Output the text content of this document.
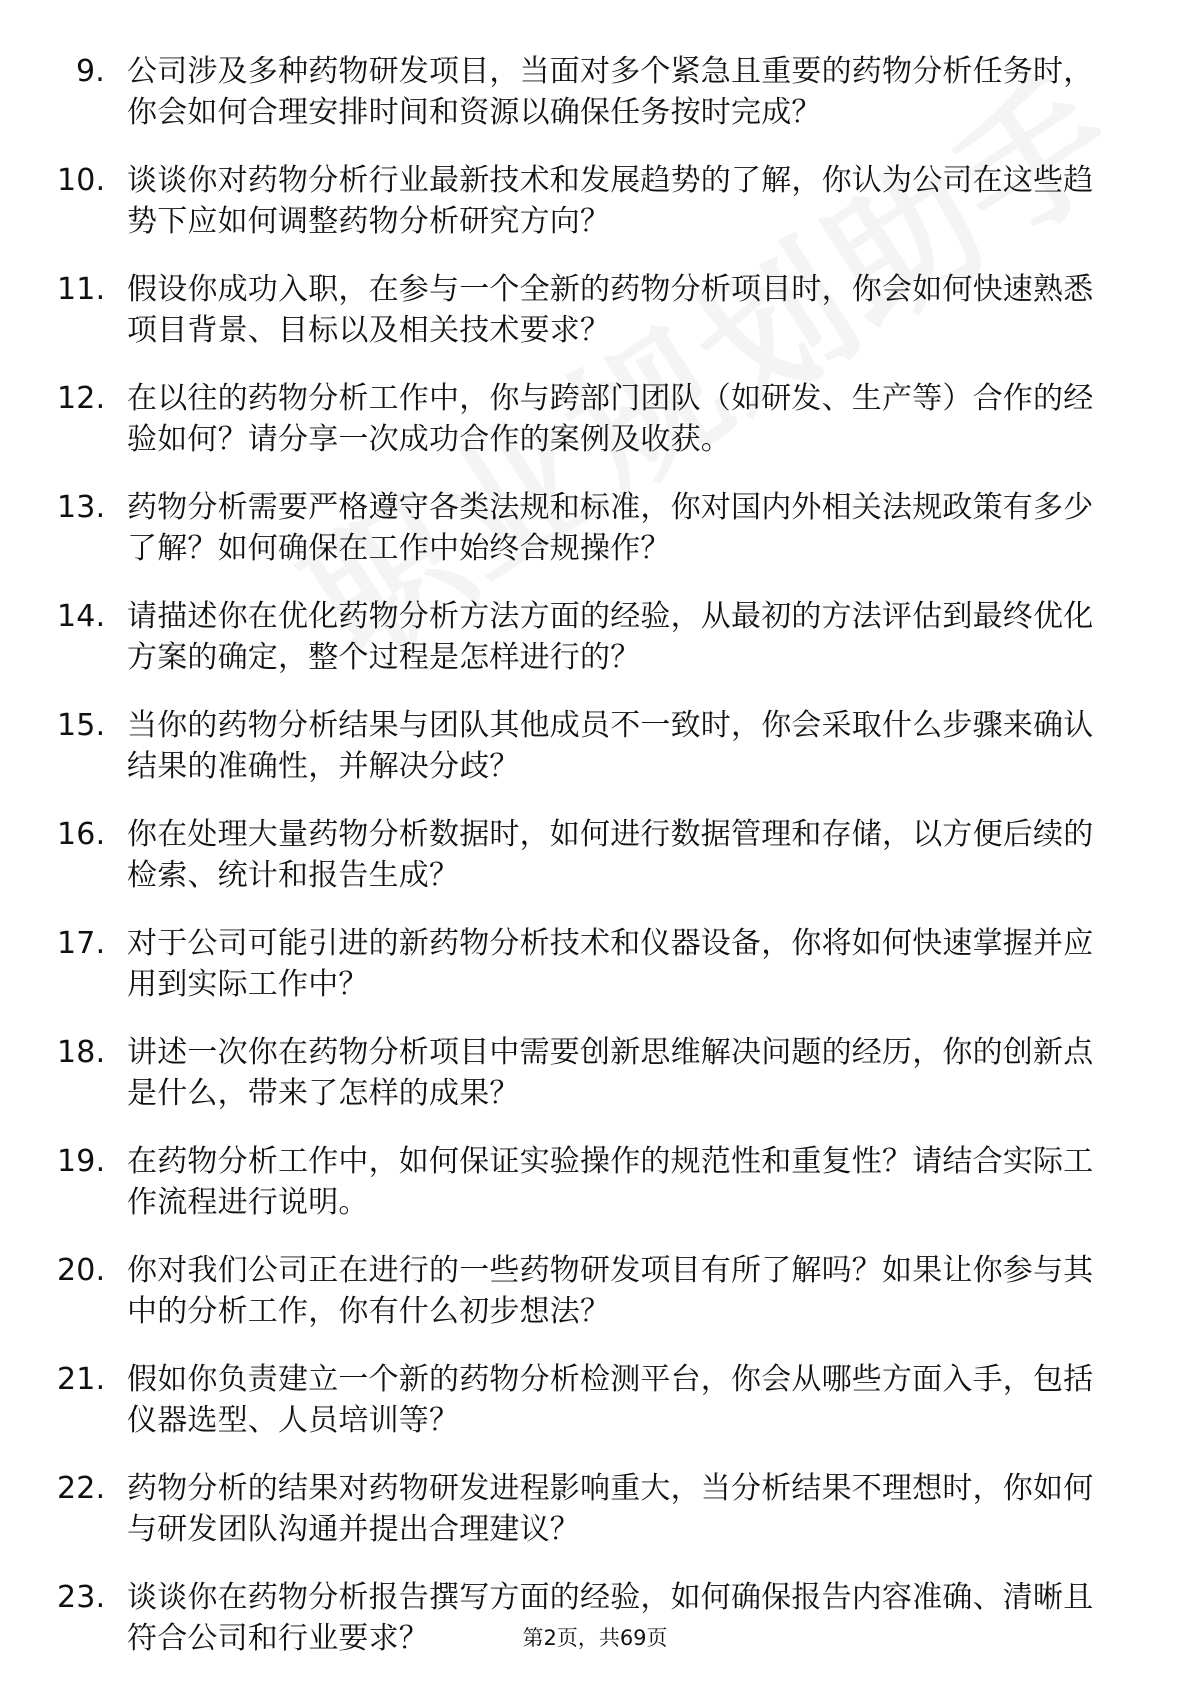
9. 公司涉及多种药物研发项目，当面对多个紧急且重要的药物分析任务时，你会如何合理安排时间和资源以确保任务按时完成？
10. 谈谈你对药物分析行业最新技术和发展趋势的了解，你认为公司在这些趋势下应如何调整药物分析研究方向？
11. 假设你成功入职，在参与一个全新的药物分析项目时，你会如何快速熟悉项目背景、目标以及相关技术要求？
12. 在以往的药物分析工作中，你与跨部门团队（如研发、生产等）合作的经验如何？请分享一次成功合作的案例及收获。
13. 药物分析需要严格遵守各类法规和标准，你对国内外相关法规政策有多少了解？如何确保在工作中始终合规操作？
14. 请描述你在优化药物分析方法方面的经验，从最初的方法评估到最终优化方案的确定，整个过程是怎样进行的？
15. 当你的药物分析结果与团队其他成员不一致时，你会采取什么步骤来确认结果的准确性，并解决分歧？
16. 你在处理大量药物分析数据时，如何进行数据管理和存储，以方便后续的检索、统计和报告生成？
17. 对于公司可能引进的新药物分析技术和仪器设备，你将如何快速掌握并应用到实际工作中？
18. 讲述一次你在药物分析项目中需要创新思维解决问题的经历，你的创新点是什么，带来了怎样的成果？
19. 在药物分析工作中，如何保证实验操作的规范性和重复性？请结合实际工作流程进行说明。
20. 你对我们公司正在进行的一些药物研发项目有所了解吗？如果让你参与其中的分析工作，你有什么初步想法？
21. 假如你负责建立一个新的药物分析检测平台，你会从哪些方面入手，包括仪器选型、人员培训等？
22. 药物分析的结果对药物研发进程影响重大，当分析结果不理想时，你如何与研发团队沟通并提出合理建议？
23. 谈谈你在药物分析报告撰写方面的经验，如何确保报告内容准确、清晰且符合公司和行业要求？	第2页，共69页
